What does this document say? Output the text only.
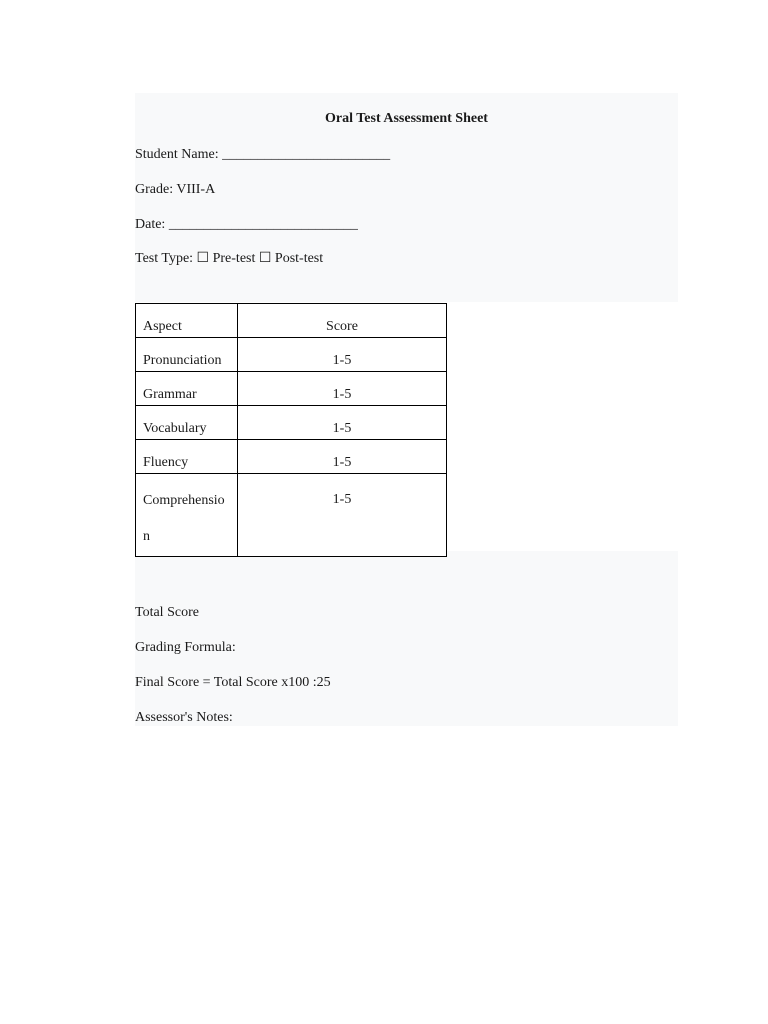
Oral Test Assessment Sheet
Student Name: ________________________
Grade: VIII-A
Date: ___________________________
Test Type: ☐ Pre-test ☐ Post-test
Aspect	Score
Pronunciation	1-5
Grammar	1-5
Vocabulary	1-5
Fluency	1-5
Comprehension	1-5
Total Score
Grading Formula:
Final Score = Total Score x100 :25
Assessor's Notes:
